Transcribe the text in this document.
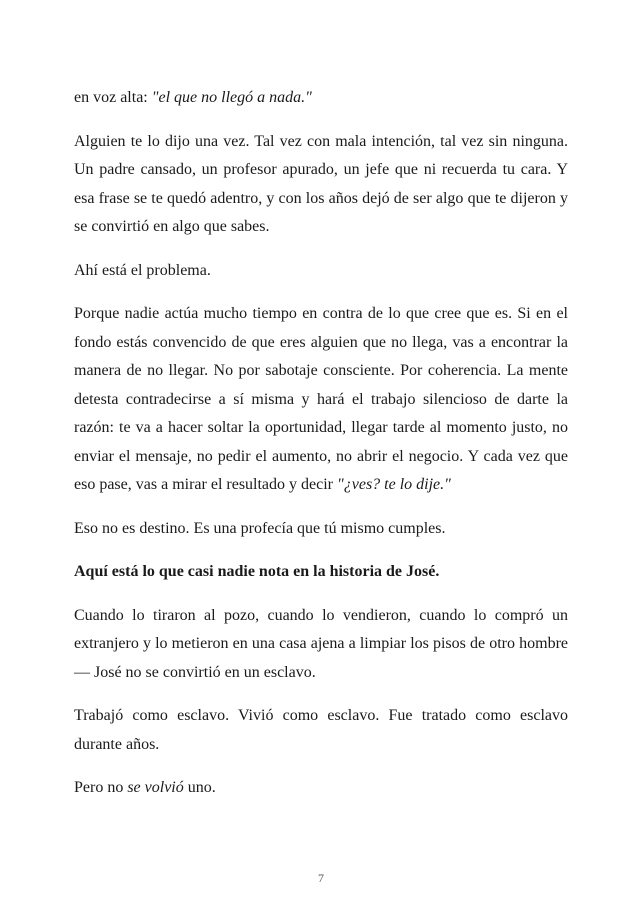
en voz alta: "el que no llegó a nada."

Alguien te lo dijo una vez. Tal vez con mala intención, tal vez sin ninguna. Un padre cansado, un profesor apurado, un jefe que ni recuerda tu cara. Y esa frase se te quedó adentro, y con los años dejó de ser algo que te dijeron y se convirtió en algo que sabes.

Ahí está el problema.

Porque nadie actúa mucho tiempo en contra de lo que cree que es. Si en el fondo estás convencido de que eres alguien que no llega, vas a encontrar la manera de no llegar. No por sabotaje consciente. Por coherencia. La mente detesta contradecirse a sí misma y hará el trabajo silencioso de darte la razón: te va a hacer soltar la oportunidad, llegar tarde al momento justo, no enviar el mensaje, no pedir el aumento, no abrir el negocio. Y cada vez que eso pase, vas a mirar el resultado y decir "¿ves? te lo dije."

Eso no es destino. Es una profecía que tú mismo cumples.

Aquí está lo que casi nadie nota en la historia de José.

Cuando lo tiraron al pozo, cuando lo vendieron, cuando lo compró un extranjero y lo metieron en una casa ajena a limpiar los pisos de otro hombre — José no se convirtió en un esclavo.

Trabajó como esclavo. Vivió como esclavo. Fue tratado como esclavo durante años.

Pero no se volvió uno.

7
